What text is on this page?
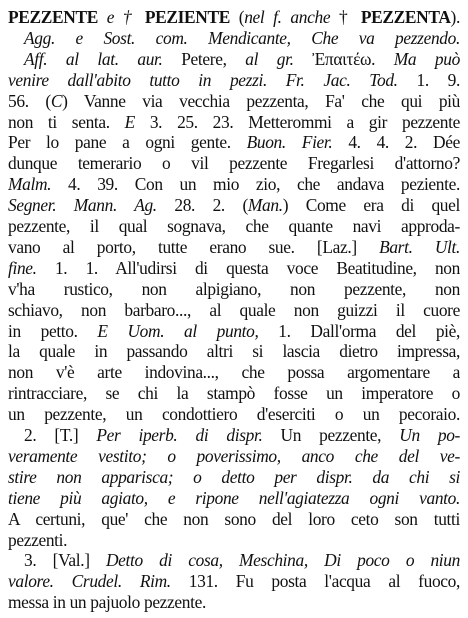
PEZZENTE e † PEZIENTE (nel f. anche † PEZZENTA).
Agg. e Sost. com. Mendicante, Che va pezzendo.
Aff. al lat. aur. Petere, al gr. Ἐπαιτέω. Ma può
venire dall'abito tutto in pezzi. Fr. Jac. Tod. 1. 9.
56. (C) Vanne via vecchia pezzenta, Fa' che qui più
non ti senta. E 3. 25. 23. Metterommi a gir pezzente
Per lo pane a ogni gente. Buon. Fier. 4. 4. 2. Dée
dunque temerario o vil pezzente Fregarlesi d'attorno?
Malm. 4. 39. Con un mio zio, che andava peziente.
Segner. Mann. Ag. 28. 2. (Man.) Come era di quel
pezzente, il qual sognava, che quante navi approda-
vano al porto, tutte erano sue. [Laz.] Bart. Ult.
fine. 1. 1. All'udirsi di questa voce Beatitudine, non
v'ha rustico, non alpigiano, non pezzente, non
schiavo, non barbaro..., al quale non guizzi il cuore
in petto. E Uom. al punto, 1. Dall'orma del piè,
la quale in passando altri si lascia dietro impressa,
non v'è arte indovina..., che possa argomentare a
rintracciare, se chi la stampò fosse un imperatore o
un pezzente, un condottiero d'eserciti o un pecoraio.
2. [T.] Per iperb. di dispr. Un pezzente, Un po-
veramente vestito; o poverissimo, anco che del ve-
stire non apparisca; o detto per dispr. da chi si
tiene più agiato, e ripone nell'agiatezza ogni vanto.
A certuni, que' che non sono del loro ceto son tutti
pezzenti.
3. [Val.] Detto di cosa, Meschina, Di poco o niun
valore. Crudel. Rim. 131. Fu posta l'acqua al fuoco,
messa in un pajuolo pezzente.
